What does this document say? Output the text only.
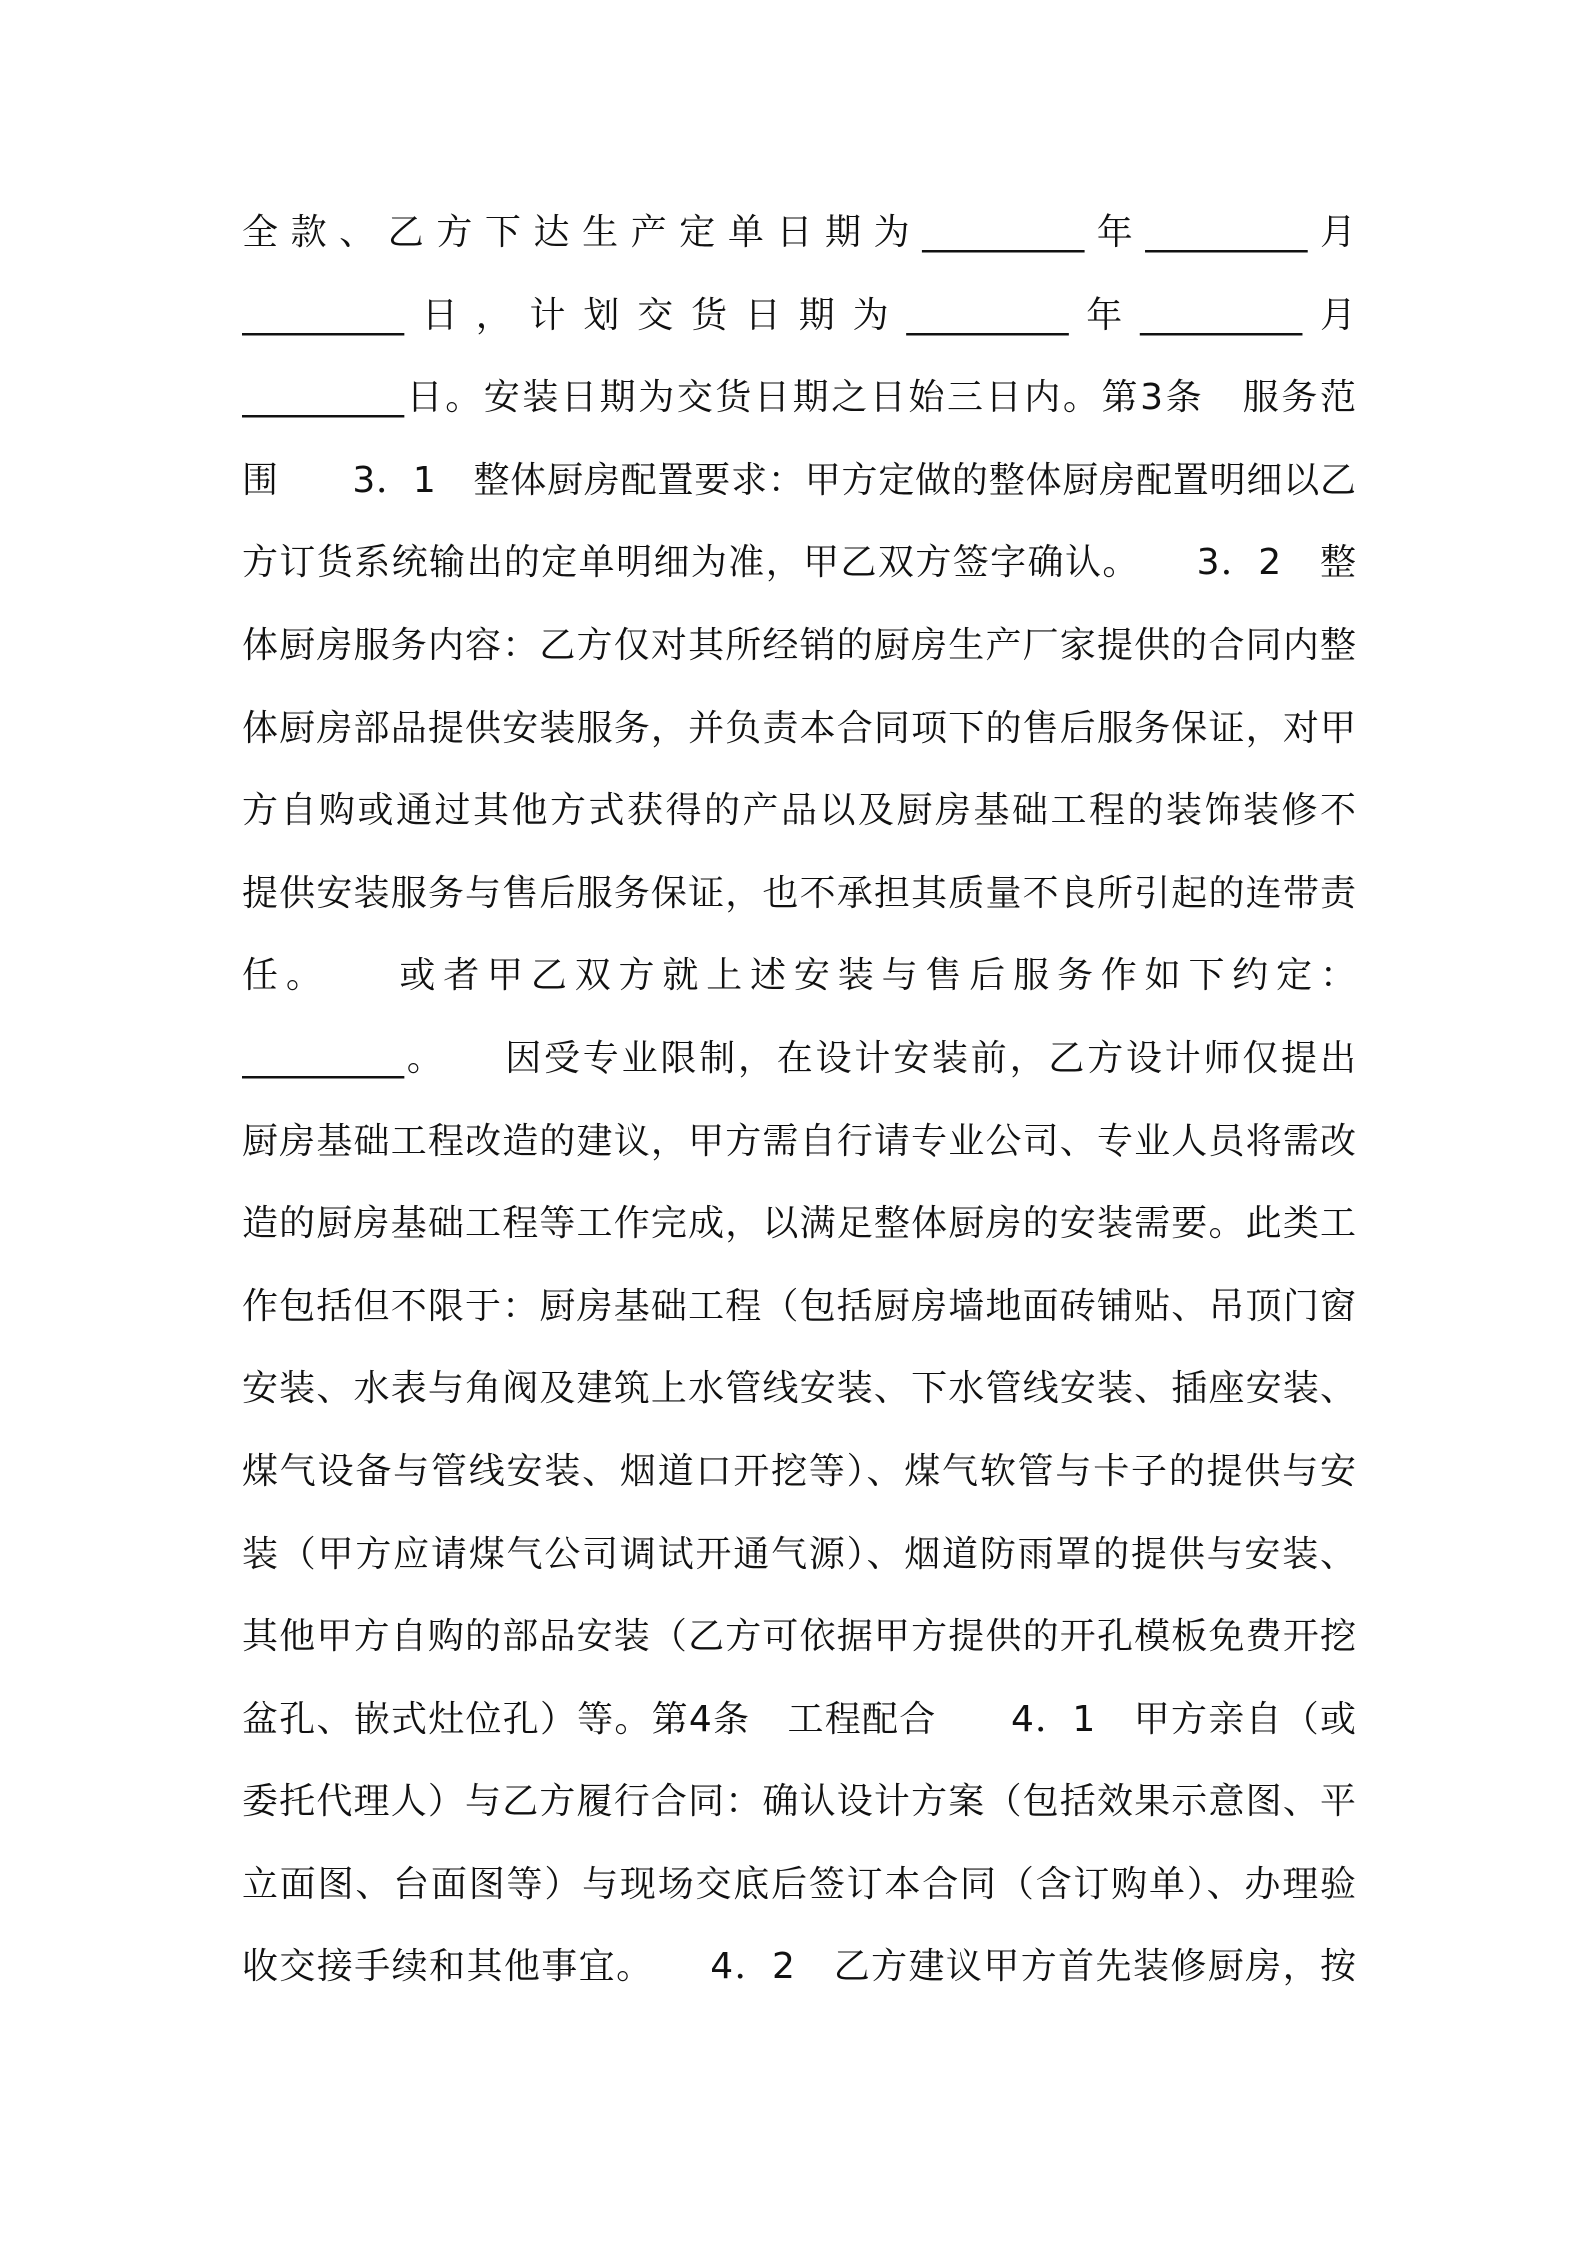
全款、乙方下达生产定单日期为_________年_________月
_________日，计划交货日期为_________年_________月
_________日。安装日期为交货日期之日始三日内。第3条　服务范
围　　3．1　整体厨房配置要求：甲方定做的整体厨房配置明细以乙
方订货系统输出的定单明细为准，甲乙双方签字确认。　　3．2　整
体厨房服务内容：乙方仅对其所经销的厨房生产厂家提供的合同内整
体厨房部品提供安装服务，并负责本合同项下的售后服务保证，对甲
方自购或通过其他方式获得的产品以及厨房基础工程的装饰装修不
提供安装服务与售后服务保证，也不承担其质量不良所引起的连带责
任。　　或者甲乙双方就上述安装与售后服务作如下约定：
_________。　　因受专业限制，在设计安装前，乙方设计师仅提出
厨房基础工程改造的建议，甲方需自行请专业公司、专业人员将需改
造的厨房基础工程等工作完成，以满足整体厨房的安装需要。此类工
作包括但不限于：厨房基础工程（包括厨房墙地面砖铺贴、吊顶门窗
安装、水表与角阀及建筑上水管线安装、下水管线安装、插座安装、
煤气设备与管线安装、烟道口开挖等）、煤气软管与卡子的提供与安
装（甲方应请煤气公司调试开通气源）、烟道防雨罩的提供与安装、
其他甲方自购的部品安装（乙方可依据甲方提供的开孔模板免费开挖
盆孔、嵌式灶位孔）等。第4条　工程配合　　4．1　甲方亲自（或
委托代理人）与乙方履行合同：确认设计方案（包括效果示意图、平
立面图、台面图等）与现场交底后签订本合同（含订购单）、办理验
收交接手续和其他事宜。　　4．2　乙方建议甲方首先装修厨房，按
